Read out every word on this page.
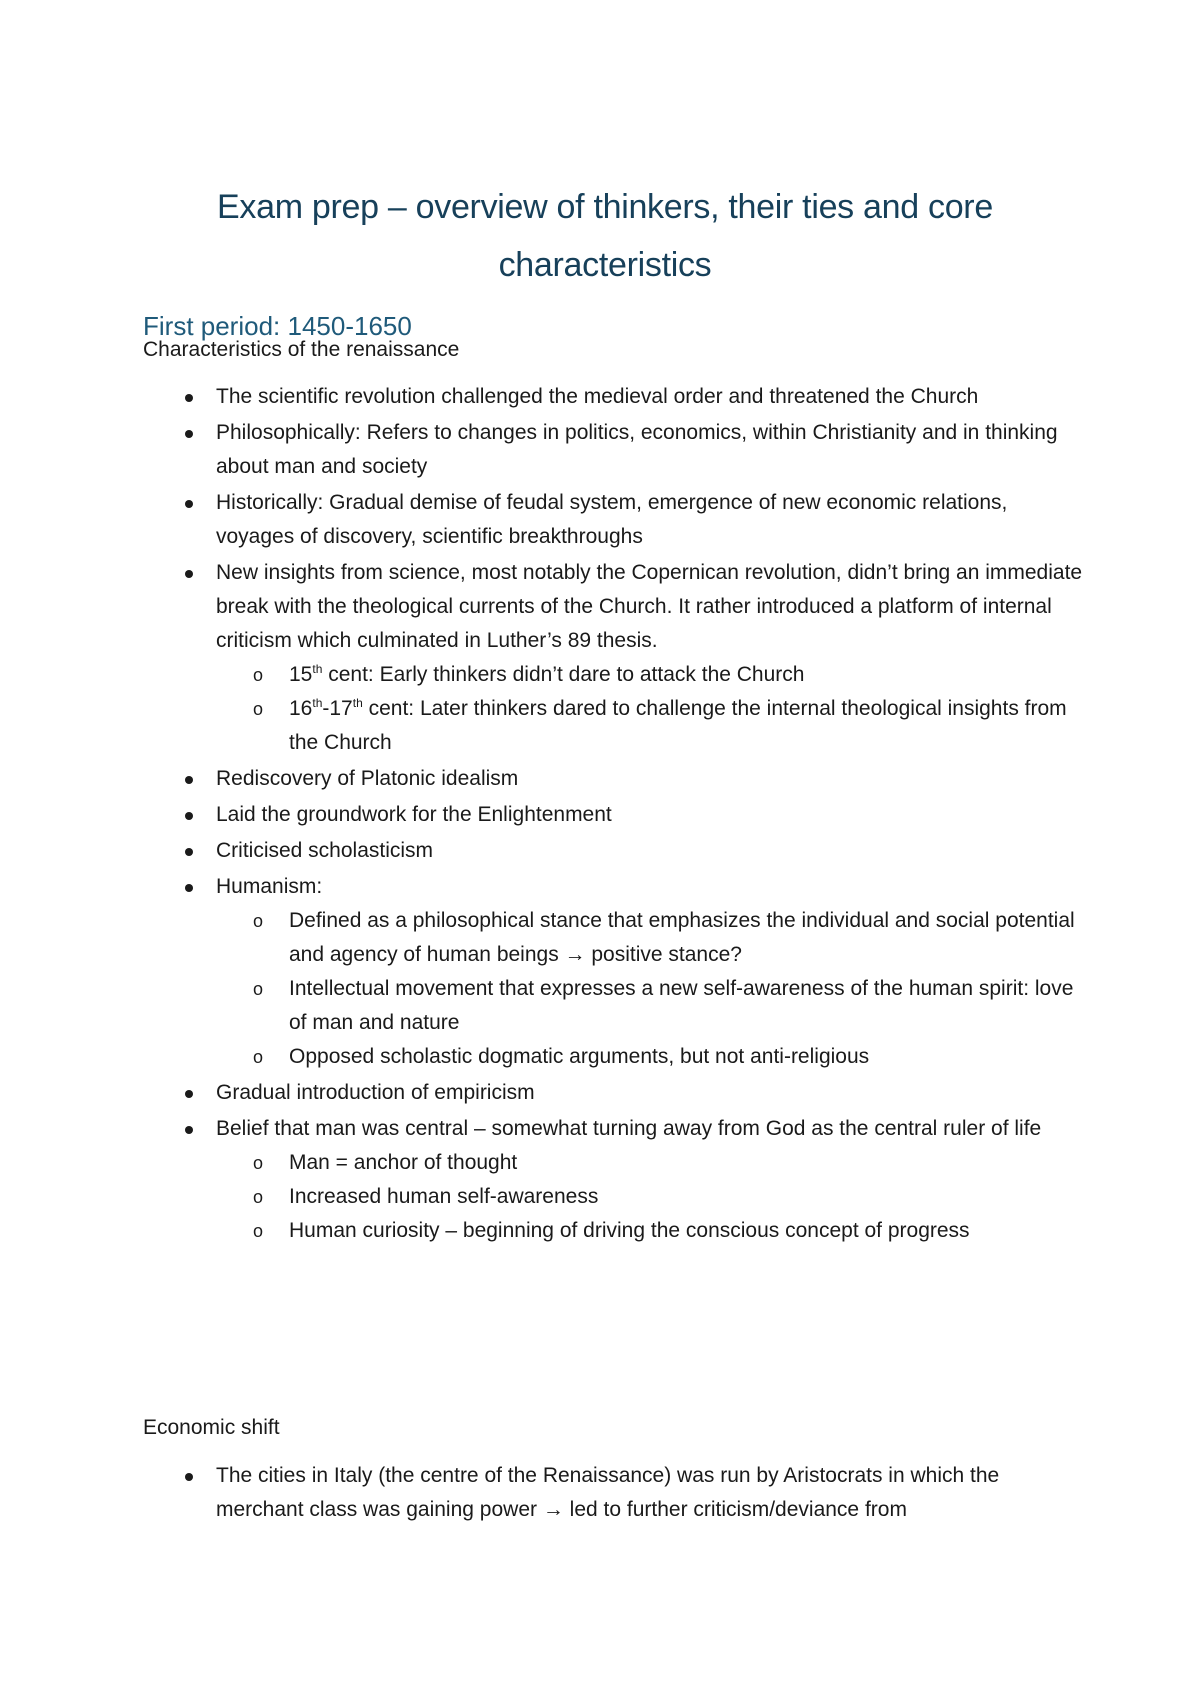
Exam prep – overview of thinkers, their ties and core
characteristics
First period: 1450-1650
Characteristics of the renaissance
The scientific revolution challenged the medieval order and threatened the Church
Philosophically: Refers to changes in politics, economics, within Christianity and in thinking about man and society
Historically: Gradual demise of feudal system, emergence of new economic relations, voyages of discovery, scientific breakthroughs
New insights from science, most notably the Copernican revolution, didn’t bring an immediate break with the theological currents of the Church. It rather introduced a platform of internal criticism which culminated in Luther’s 89 thesis.
o 15th cent: Early thinkers didn’t dare to attack the Church
o 16th-17th cent: Later thinkers dared to challenge the internal theological insights from the Church
Rediscovery of Platonic idealism
Laid the groundwork for the Enlightenment
Criticised scholasticism
Humanism:
o Defined as a philosophical stance that emphasizes the individual and social potential and agency of human beings → positive stance?
o Intellectual movement that expresses a new self-awareness of the human spirit: love of man and nature
o Opposed scholastic dogmatic arguments, but not anti-religious
Gradual introduction of empiricism
Belief that man was central – somewhat turning away from God as the central ruler of life
o Man = anchor of thought
o Increased human self-awareness
o Human curiosity – beginning of driving the conscious concept of progress
Economic shift
The cities in Italy (the centre of the Renaissance) was run by Aristocrats in which the merchant class was gaining power → led to further criticism/deviance from
